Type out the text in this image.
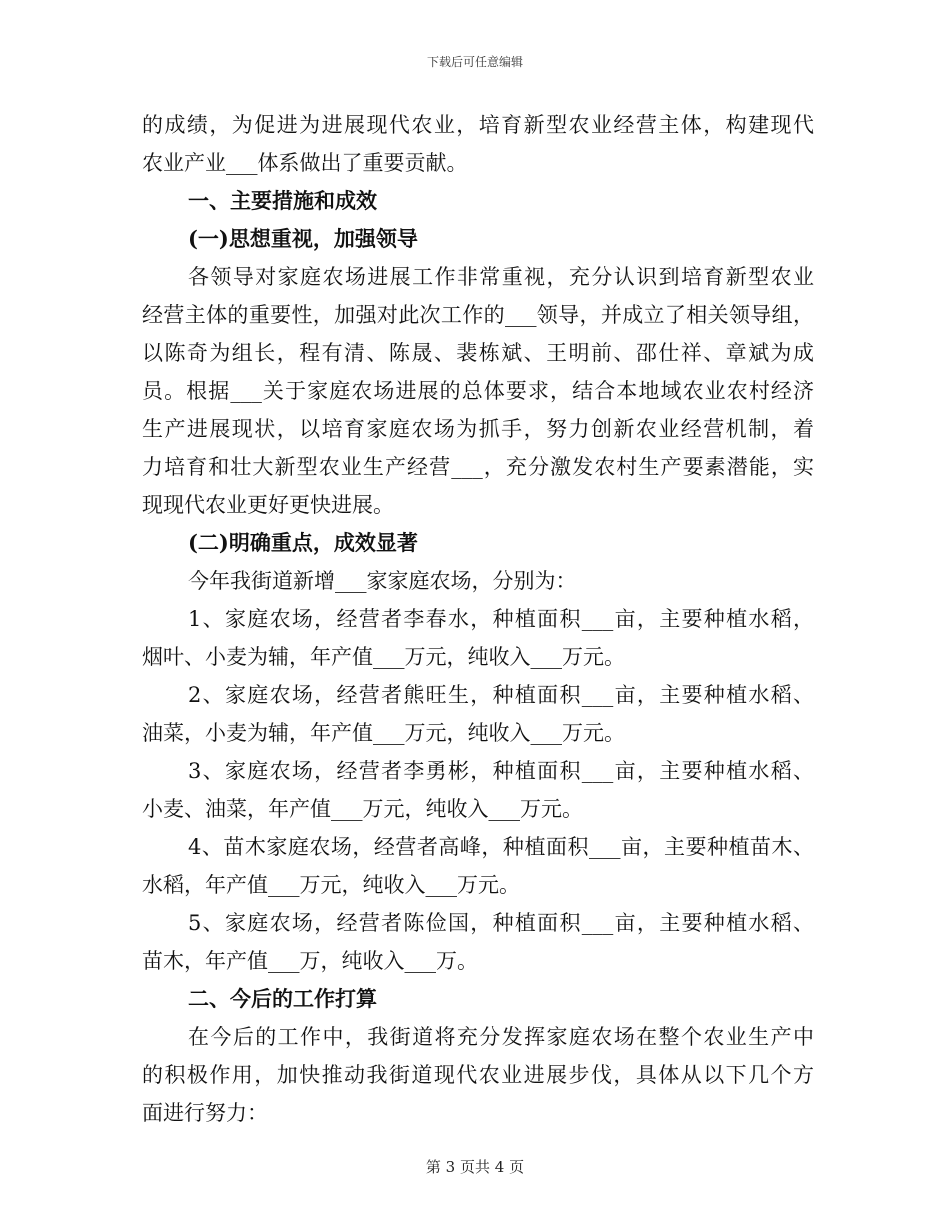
下载后可任意编辑
的成绩，为促进为进展现代农业，培育新型农业经营主体，构建现代
农业产业___体系做出了重要贡献。
一、主要措施和成效
(一)思想重视，加强领导
各领导对家庭农场进展工作非常重视，充分认识到培育新型农业
经营主体的重要性，加强对此次工作的___领导，并成立了相关领导组，
以陈奇为组长，程有清、陈晟、裴栋斌、王明前、邵仕祥、章斌为成
员。根据___关于家庭农场进展的总体要求，结合本地域农业农村经济
生产进展现状，以培育家庭农场为抓手，努力创新农业经营机制，着
力培育和壮大新型农业生产经营___，充分激发农村生产要素潜能，实
现现代农业更好更快进展。
(二)明确重点，成效显著
今年我街道新增___家家庭农场，分别为：
1、家庭农场，经营者李春水，种植面积___亩，主要种植水稻，
烟叶、小麦为辅，年产值___万元，纯收入___万元。
2、家庭农场，经营者熊旺生，种植面积___亩，主要种植水稻、
油菜，小麦为辅，年产值___万元，纯收入___万元。
3、家庭农场，经营者李勇彬，种植面积___亩，主要种植水稻、
小麦、油菜，年产值___万元，纯收入___万元。
4、苗木家庭农场，经营者高峰，种植面积___亩，主要种植苗木、
水稻，年产值___万元，纯收入___万元。
5、家庭农场，经营者陈俭国，种植面积___亩，主要种植水稻、
苗木，年产值___万，纯收入___万。
二、今后的工作打算
在今后的工作中，我街道将充分发挥家庭农场在整个农业生产中
的积极作用，加快推动我街道现代农业进展步伐，具体从以下几个方
面进行努力：
第 3 页共 4 页
